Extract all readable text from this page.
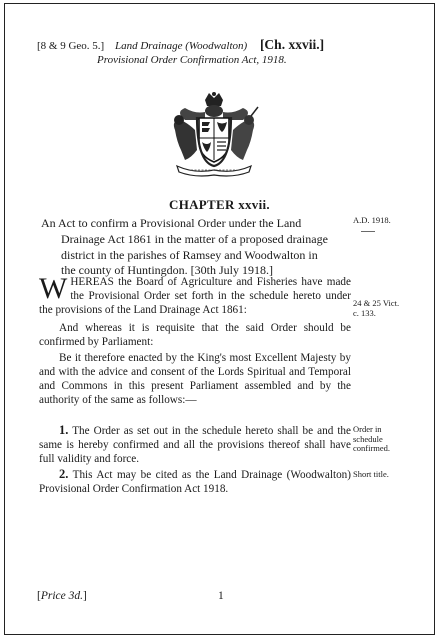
[8 & 9 Geo. 5.] Land Drainage (Woodwalton) [Ch. xxvii.]
Provisional Order Confirmation Act, 1918.
CHAPTER xxvii.
An Act to confirm a Provisional Order under the Land

Drainage Act 1861 in the matter of a proposed drainage
district in the parishes of Ramsey and Woodwalton in
the county of Huntingdon. [30th July 1918.]
A.D. 1918.
WHEREAS the Board of Agriculture and Fisheries have made the Provisional Order set forth in the schedule hereto under the provisions of the Land Drainage Act 1861:
24 & 25 Vict.
c. 133.
And whereas it is requisite that the said Order should be confirmed by Parliament:
Be it therefore enacted by the King's most Excellent Majesty by and with the advice and consent of the Lords Spiritual and Temporal and Commons in this present Parliament assembled and by the authority of the same as follows:—
1. The Order as set out in the schedule hereto shall be and the same is hereby confirmed and all the provisions thereof shall have full validity and force.
Order in
schedule
confirmed.
2. This Act may be cited as the Land Drainage (Woodwalton) Provisional Order Confirmation Act 1918.
Short title.
[Price 3d.]	1
